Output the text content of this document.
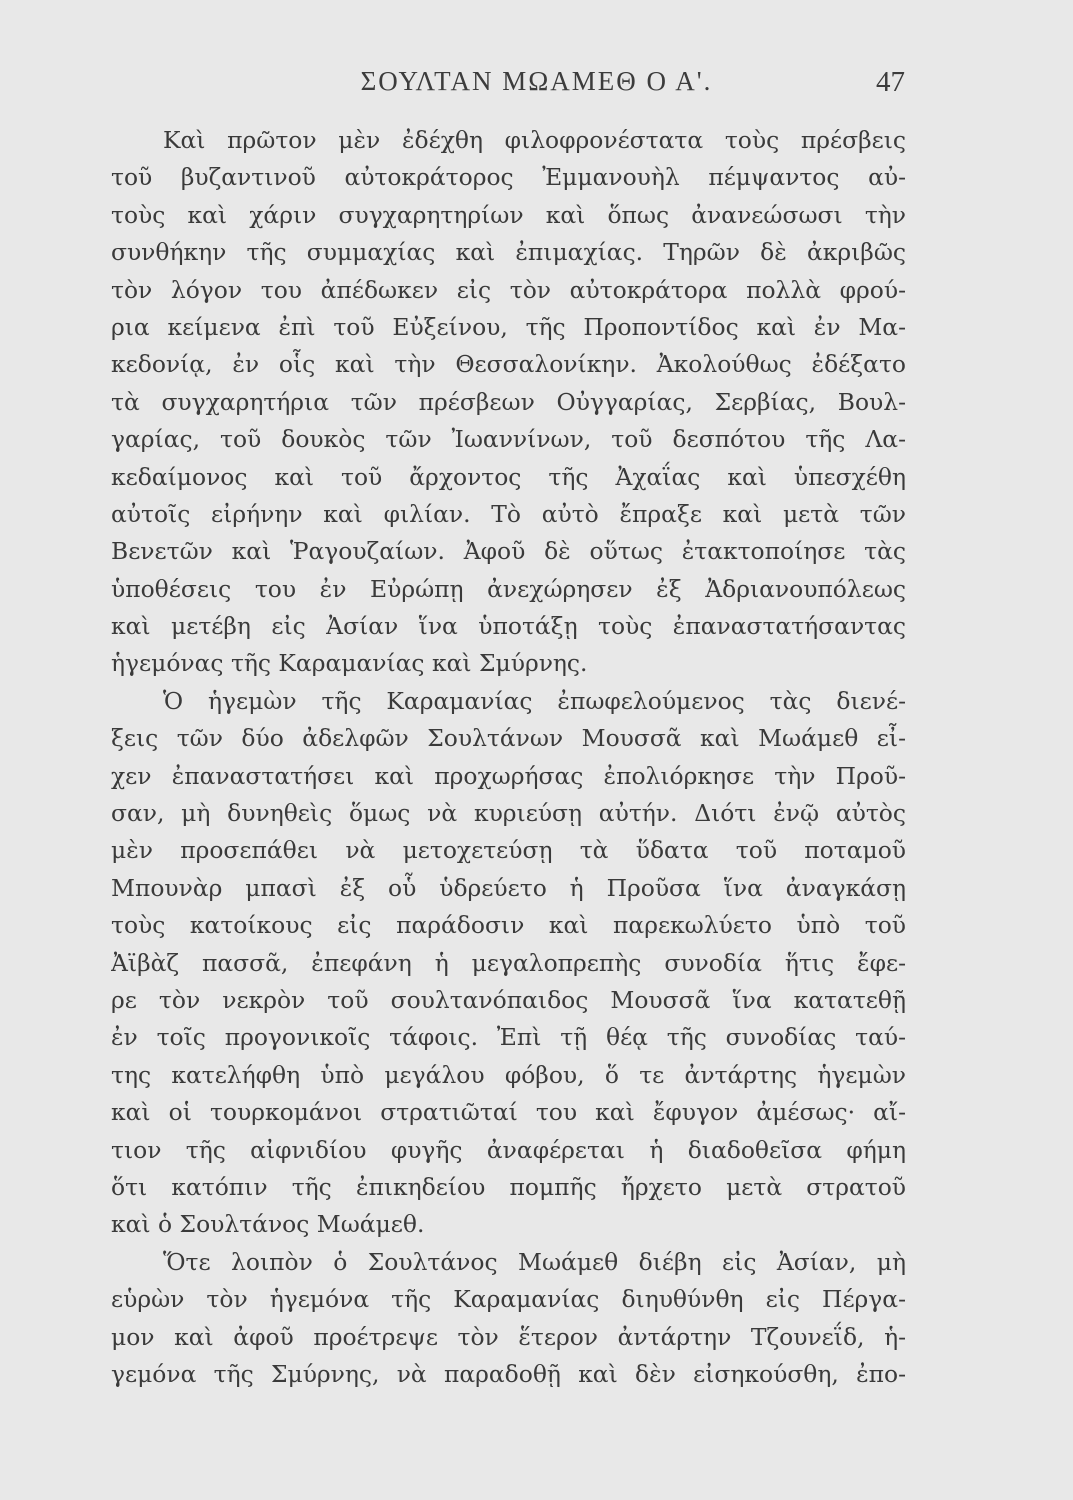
ΣΟΥΛΤΑΝ ΜΩΑΜΕΘ Ο Α'.	47
Καὶ πρῶτον μὲν ἐδέχθη φιλοφρονέστατα τοὺς πρέσβεις
τοῦ βυζαντινοῦ αὐτοκράτορος Ἐμμανουὴλ πέμψαντος αὐ-
τοὺς καὶ χάριν συγχαρητηρίων καὶ ὅπως ἀνανεώσωσι τὴν
συνθήκην τῆς συμμαχίας καὶ ἐπιμαχίας. Τηρῶν δὲ ἀκριβῶς
τὸν λόγον του ἀπέδωκεν εἰς τὸν αὐτοκράτορα πολλὰ φρού-
ρια κείμενα ἐπὶ τοῦ Εὐξείνου, τῆς Προποντίδος καὶ ἐν Μα-
κεδονίᾳ, ἐν οἷς καὶ τὴν Θεσσαλονίκην. Ἀκολούθως ἐδέξατο
τὰ συγχαρητήρια τῶν πρέσβεων Οὐγγαρίας, Σερβίας, Βουλ-
γαρίας, τοῦ δουκὸς τῶν Ἰωαννίνων, τοῦ δεσπότου τῆς Λα-
κεδαίμονος καὶ τοῦ ἄρχοντος τῆς Ἀχαΐας καὶ ὑπεσχέθη
αὐτοῖς εἰρήνην καὶ φιλίαν. Τὸ αὐτὸ ἔπραξε καὶ μετὰ τῶν
Βενετῶν καὶ Ῥαγουζαίων. Ἀφοῦ δὲ οὕτως ἐτακτοποίησε τὰς
ὑποθέσεις του ἐν Εὐρώπῃ ἀνεχώρησεν ἐξ Ἀδριανουπόλεως
καὶ μετέβη εἰς Ἀσίαν ἵνα ὑποτάξῃ τοὺς ἐπαναστατήσαντας
ἡγεμόνας τῆς Καραμανίας καὶ Σμύρνης.
Ὁ ἡγεμὼν τῆς Καραμανίας ἐπωφελούμενος τὰς διενέ-
ξεις τῶν δύο ἀδελφῶν Σουλτάνων Μουσσᾶ καὶ Μωάμεθ εἶ-
χεν ἐπαναστατήσει καὶ προχωρήσας ἐπολιόρκησε τὴν Προῦ-
σαν, μὴ δυνηθεὶς ὅμως νὰ κυριεύσῃ αὐτήν. Διότι ἐνῷ αὐτὸς
μὲν προσεπάθει νὰ μετοχετεύσῃ τὰ ὕδατα τοῦ ποταμοῦ
Μπουνὰρ μπασὶ ἐξ οὗ ὑδρεύετο ἡ Προῦσα ἵνα ἀναγκάσῃ
τοὺς κατοίκους εἰς παράδοσιν καὶ παρεκωλύετο ὑπὸ τοῦ
Ἀϊβὰζ πασσᾶ, ἐπεφάνη ἡ μεγαλοπρεπὴς συνοδία ἥτις ἔφε-
ρε τὸν νεκρὸν τοῦ σουλτανόπαιδος Μουσσᾶ ἵνα κατατεθῇ
ἐν τοῖς προγονικοῖς τάφοις. Ἐπὶ τῇ θέᾳ τῆς συνοδίας ταύ-
της κατελήφθη ὑπὸ μεγάλου φόβου, ὅ τε ἀντάρτης ἡγεμὼν
καὶ οἱ τουρκομάνοι στρατιῶταί του καὶ ἔφυγον ἀμέσως· αἴ-
τιον τῆς αἰφνιδίου φυγῆς ἀναφέρεται ἡ διαδοθεῖσα φήμη
ὅτι κατόπιν τῆς ἐπικηδείου πομπῆς ἤρχετο μετὰ στρατοῦ
καὶ ὁ Σουλτάνος Μωάμεθ.
Ὅτε λοιπὸν ὁ Σουλτάνος Μωάμεθ διέβη εἰς Ἀσίαν, μὴ
εὑρὼν τὸν ἡγεμόνα τῆς Καραμανίας διηυθύνθη εἰς Πέργα-
μον καὶ ἀφοῦ προέτρεψε τὸν ἕτερον ἀντάρτην Τζουνεΐδ, ἡ-
γεμόνα τῆς Σμύρνης, νὰ παραδοθῇ καὶ δὲν εἰσηκούσθη, ἐπο-
